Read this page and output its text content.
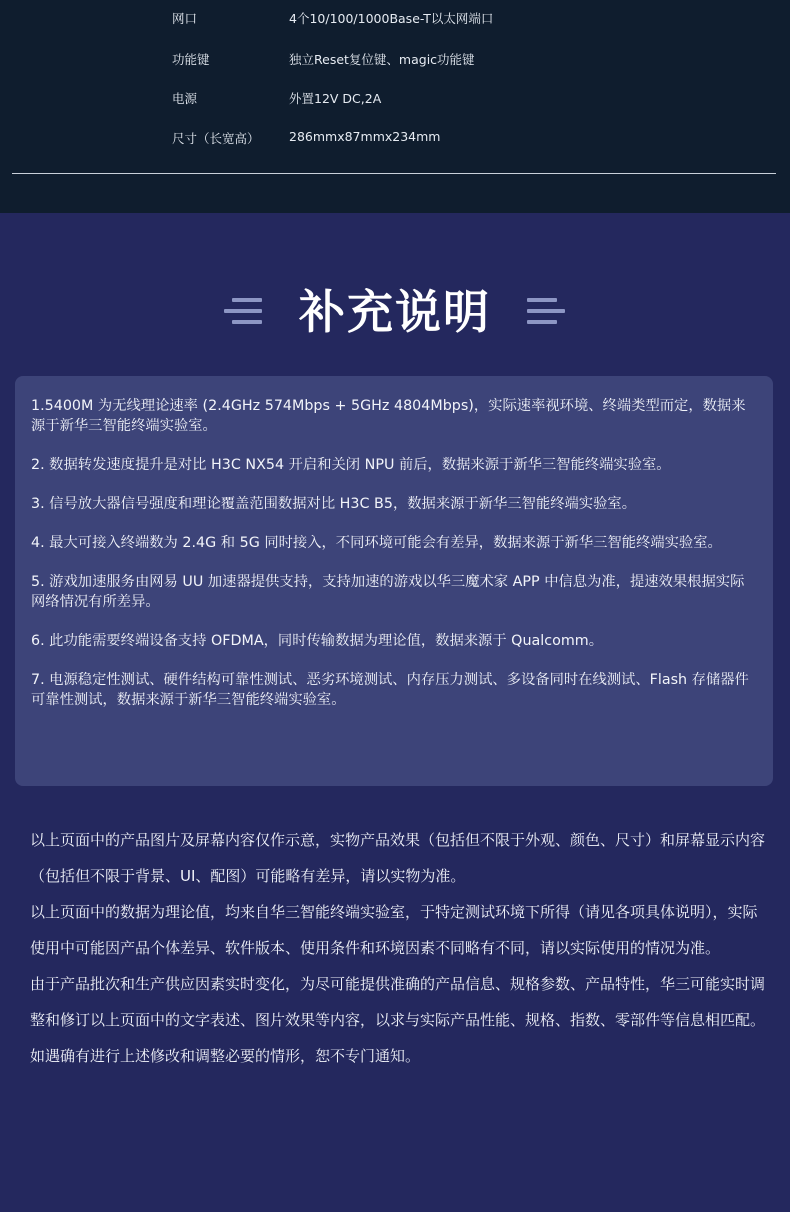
网口	4个10/100/1000Base-T以太网端口
功能键	独立Reset复位键、magic功能键
电源	外置12V DC,2A
尺寸（长宽高） 286mmx87mmx234mm
补充说明

1.5400M 为无线理论速率 (2.4GHz 574Mbps + 5GHz 4804Mbps)，实际速率视环境、终端类型而定，数据来源于新华三智能终端实验室。

2. 数据转发速度提升是对比 H3C NX54 开启和关闭 NPU 前后，数据来源于新华三智能终端实验室。

3. 信号放大器信号强度和理论覆盖范围数据对比 H3C B5，数据来源于新华三智能终端实验室。

4. 最大可接入终端数为 2.4G 和 5G 同时接入，不同环境可能会有差异，数据来源于新华三智能终端实验室。

5. 游戏加速服务由网易 UU 加速器提供支持，支持加速的游戏以华三魔术家 APP 中信息为准，提速效果根据实际网络情况有所差异。

6. 此功能需要终端设备支持 OFDMA，同时传输数据为理论值，数据来源于 Qualcomm。

7. 电源稳定性测试、硬件结构可靠性测试、恶劣环境测试、内存压力测试、多设备同时在线测试、Flash 存储器件可靠性测试，数据来源于新华三智能终端实验室。

以上页面中的产品图片及屏幕内容仅作示意，实物产品效果（包括但不限于外观、颜色、尺寸）和屏幕显示内容（包括但不限于背景、UI、配图）可能略有差异，请以实物为准。

以上页面中的数据为理论值，均来自华三智能终端实验室，于特定测试环境下所得（请见各项具体说明），实际使用中可能因产品个体差异、软件版本、使用条件和环境因素不同略有不同，请以实际使用的情况为准。

由于产品批次和生产供应因素实时变化，为尽可能提供准确的产品信息、规格参数、产品特性，华三可能实时调整和修订以上页面中的文字表述、图片效果等内容，以求与实际产品性能、规格、指数、零部件等信息相匹配。

如遇确有进行上述修改和调整必要的情形，恕不专门通知。
